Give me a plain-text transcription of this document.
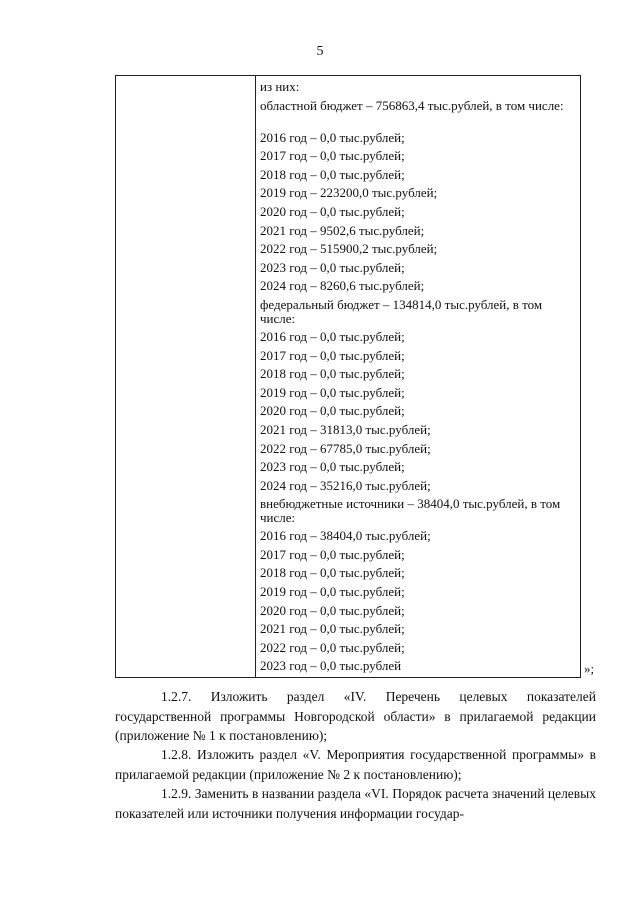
5
из них:
областной бюджет – 756863,4 тыс.рублей, в том числе:
2016 год – 0,0 тыс.рублей;
2017 год – 0,0 тыс.рублей;
2018 год – 0,0 тыс.рублей;
2019 год – 223200,0 тыс.рублей;
2020 год – 0,0 тыс.рублей;
2021 год – 9502,6 тыс.рублей;
2022 год – 515900,2 тыс.рублей;
2023 год – 0,0 тыс.рублей;
2024 год – 8260,6 тыс.рублей;
федеральный бюджет – 134814,0 тыс.рублей, в том числе:
2016 год – 0,0 тыс.рублей;
2017 год – 0,0 тыс.рублей;
2018 год – 0,0 тыс.рублей;
2019 год – 0,0 тыс.рублей;
2020 год – 0,0 тыс.рублей;
2021 год – 31813,0 тыс.рублей;
2022 год – 67785,0 тыс.рублей;
2023 год – 0,0 тыс.рублей;
2024 год – 35216,0 тыс.рублей;
внебюджетные источники – 38404,0 тыс.рублей, в том числе:
2016 год – 38404,0 тыс.рублей;
2017 год – 0,0 тыс.рублей;
2018 год – 0,0 тыс.рублей;
2019 год – 0,0 тыс.рублей;
2020 год – 0,0 тыс.рублей;
2021 год – 0,0 тыс.рублей;
2022 год – 0,0 тыс.рублей;
2023 год – 0,0 тыс.рублей	»;
1.2.7. Изложить раздел «IV. Перечень целевых показателей государственной программы Новгородской области» в прилагаемой редакции (приложение № 1 к постановлению);
1.2.8. Изложить раздел «V. Мероприятия государственной программы» в прилагаемой редакции (приложение № 2 к постановлению);
1.2.9. Заменить в названии раздела «VI. Порядок расчета значений целевых показателей или источники получения информации государ-
